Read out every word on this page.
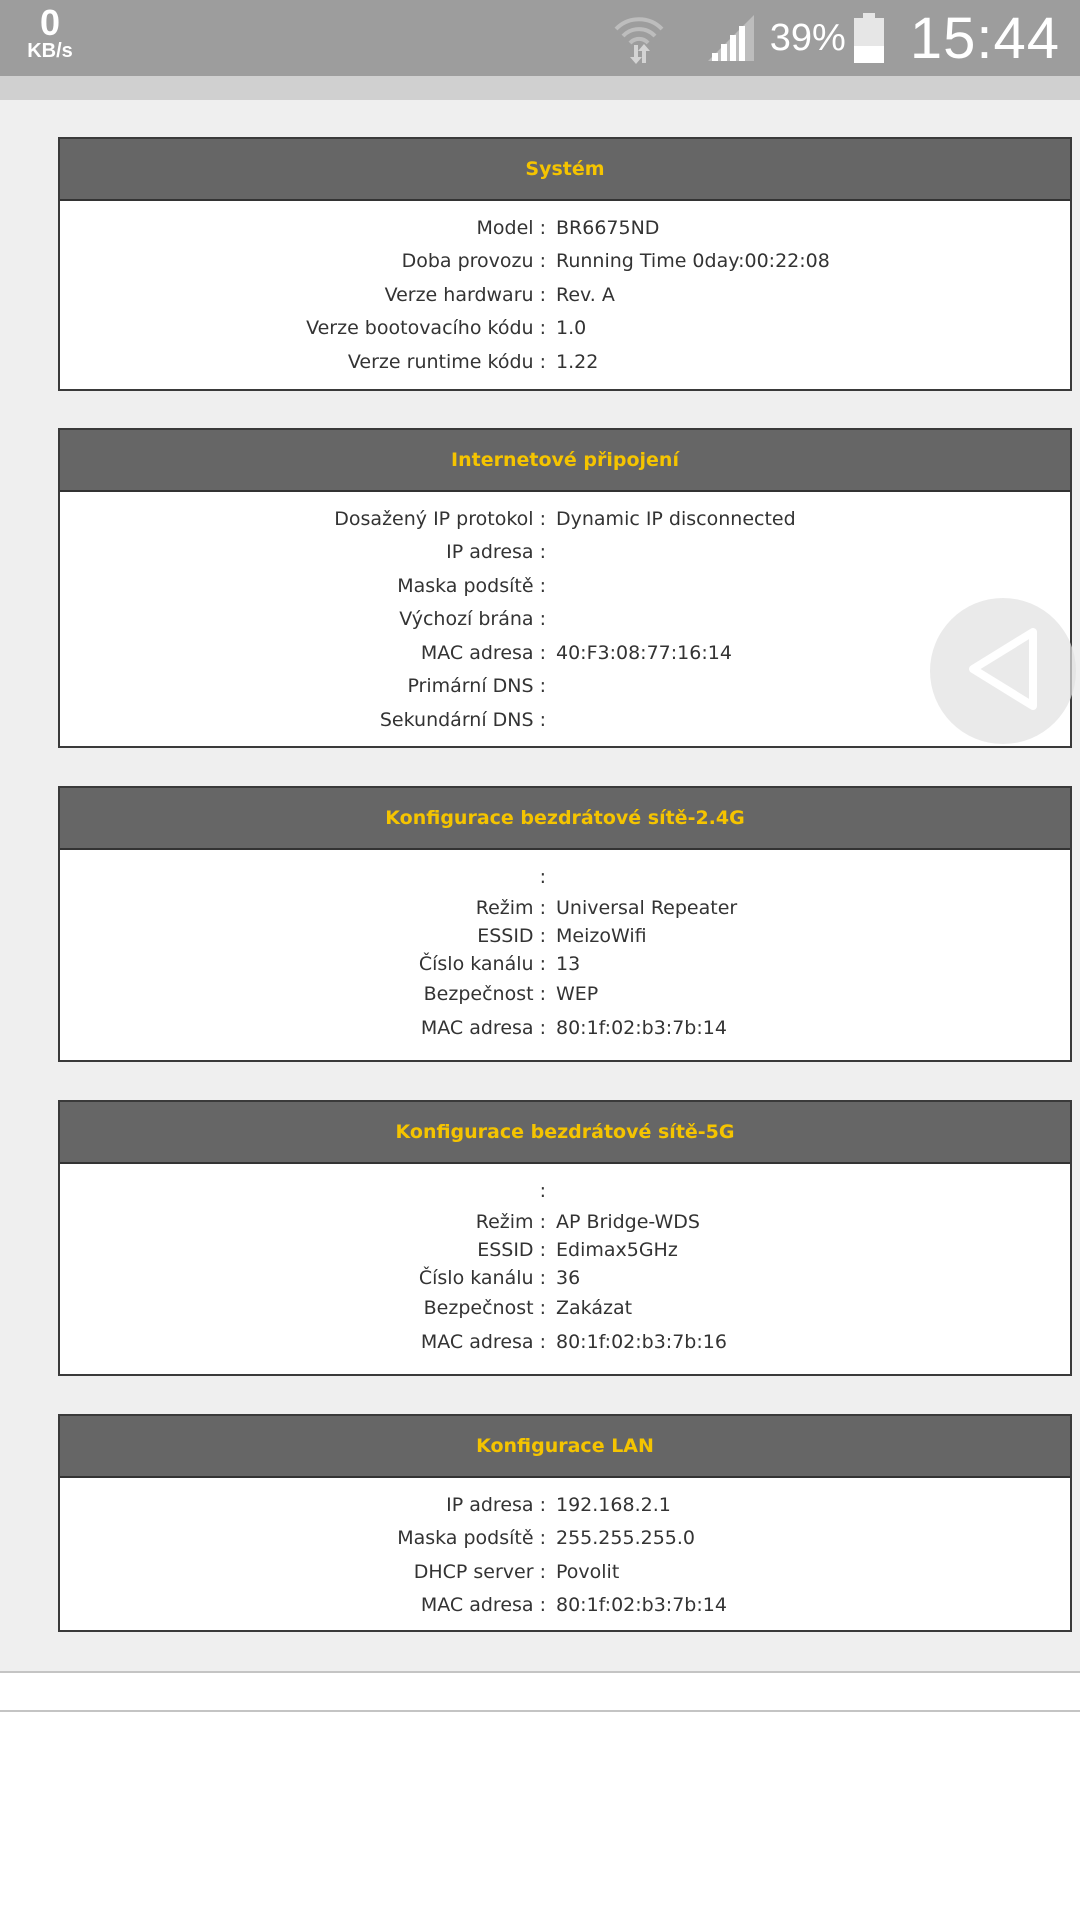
0
KB/s	39% 15:44
Systém
Model : BR6675ND
Doba provozu : Running Time 0day:00:22:08
Verze hardwaru : Rev. A
Verze bootovacího kódu : 1.0
Verze runtime kódu : 1.22
Internetové připojení
Dosažený IP protokol : Dynamic IP disconnected
IP adresa :
Maska podsítě :
Výchozí brána :
MAC adresa : 40:F3:08:77:16:14
Primární DNS :
Sekundární DNS :
Konfigurace bezdrátové sítě-2.4G
:
Režim : Universal Repeater
ESSID : MeizoWifi
Číslo kanálu : 13
Bezpečnost : WEP
MAC adresa : 80:1f:02:b3:7b:14
Konfigurace bezdrátové sítě-5G
:
Režim : AP Bridge-WDS
ESSID : Edimax5GHz
Číslo kanálu : 36
Bezpečnost : Zakázat
MAC adresa : 80:1f:02:b3:7b:16
Konfigurace LAN
IP adresa : 192.168.2.1
Maska podsítě : 255.255.255.0
DHCP server : Povolit
MAC adresa : 80:1f:02:b3:7b:14
